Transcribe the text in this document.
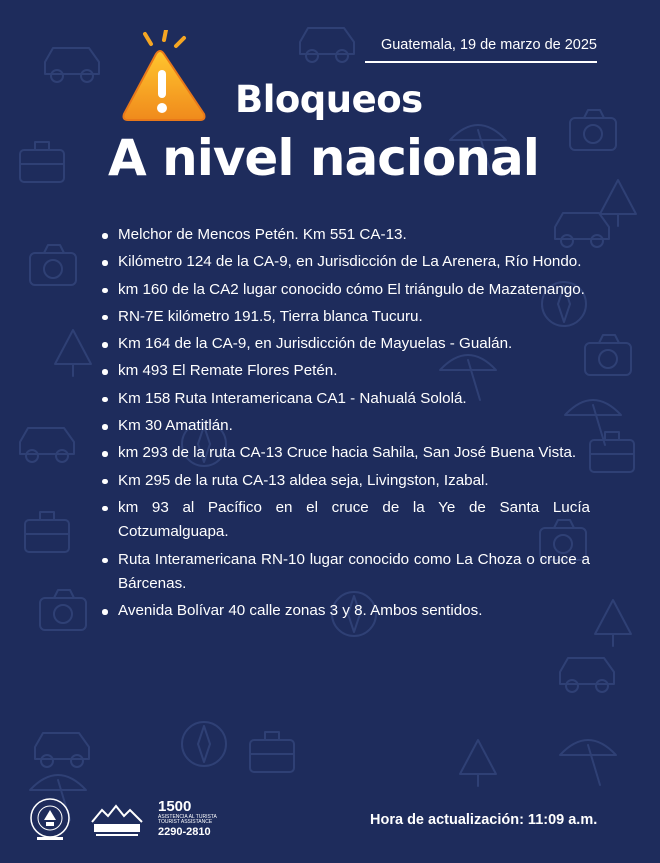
Guatemala, 19 de marzo de 2025
Bloqueos
A nivel nacional
Melchor de Mencos Petén. Km 551 CA-13.
Kilómetro 124 de la CA-9, en Jurisdicción de La Arenera, Río Hondo.
km 160 de la CA2 lugar conocido cómo El triángulo de Mazatenango.
RN-7E kilómetro 191.5, Tierra blanca Tucuru.
Km 164 de la CA-9, en Jurisdicción de Mayuelas - Gualán.
km 493 El Remate Flores Petén.
Km 158 Ruta Interamericana CA1 - Nahualá Sololá.
Km 30 Amatitlán.
km 293 de la ruta CA-13 Cruce hacia Sahila, San José Buena Vista.
Km 295 de la ruta CA-13 aldea seja, Livingston, Izabal.
km 93 al Pacífico en el cruce de la Ye de Santa Lucía Cotzumalguapa.
Ruta Interamericana RN-10 lugar conocido como La Choza o cruce a Bárcenas.
Avenida Bolívar 40 calle zonas 3 y 8. Ambos sentidos.
1500
ASISTENCIA AL TURISTA TOURIST ASSISTANCE
2290-2810
Hora de actualización: 11:09 a.m.
